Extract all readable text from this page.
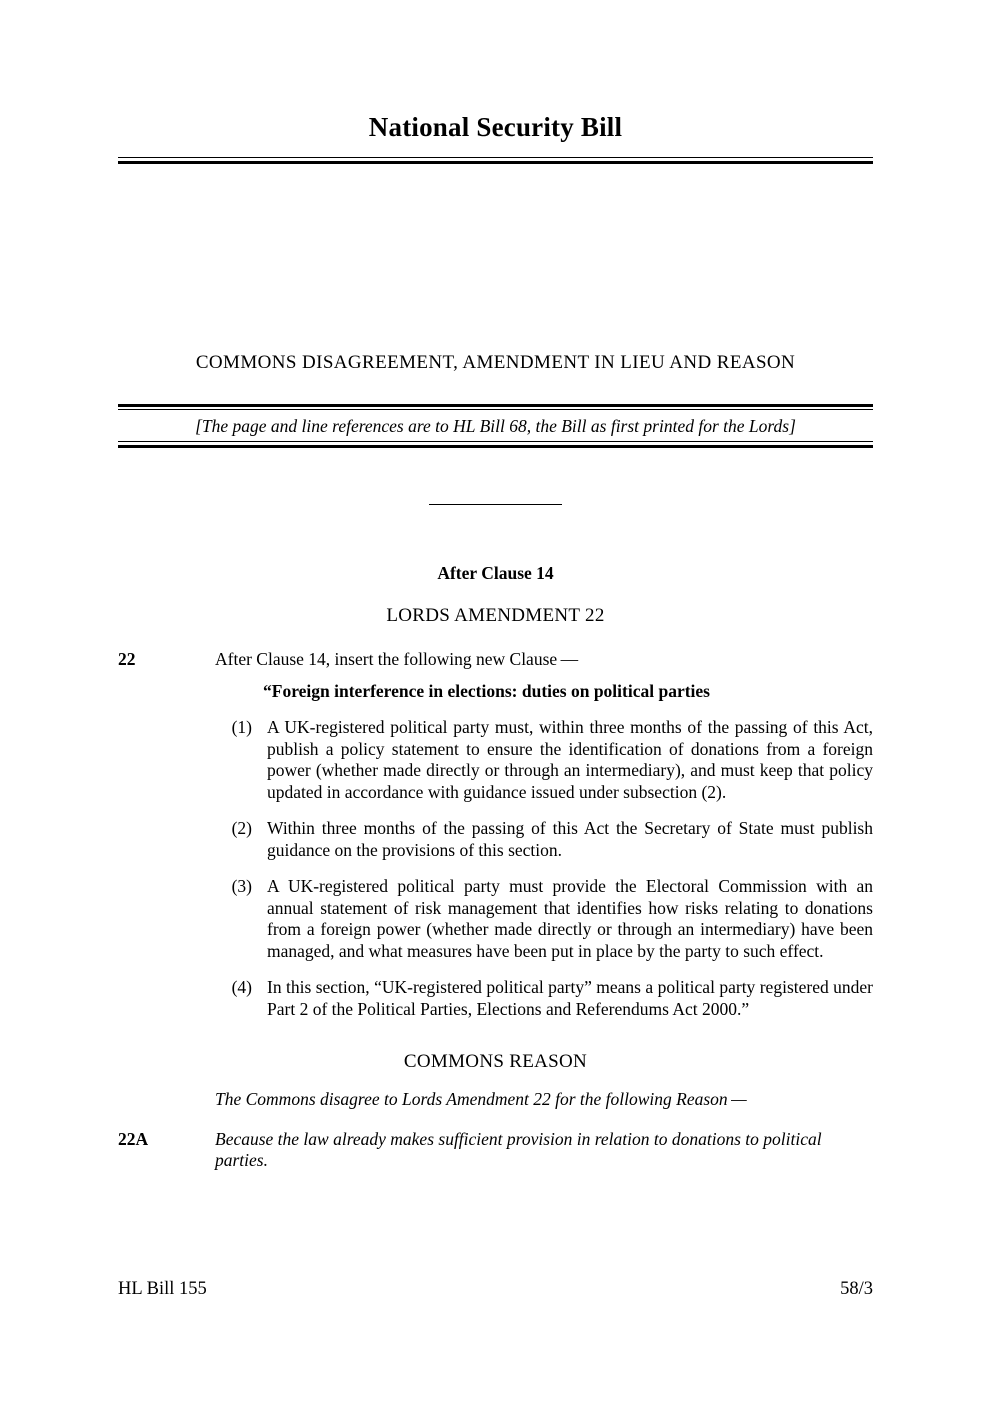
National Security Bill
COMMONS DISAGREEMENT, AMENDMENT IN LIEU AND REASON
[The page and line references are to HL Bill 68, the Bill as first printed for the Lords]
After Clause 14
LORDS AMENDMENT 22
22	After Clause 14, insert the following new Clause —
“Foreign interference in elections: duties on political parties
(1) A UK-registered political party must, within three months of the passing of this Act, publish a policy statement to ensure the identification of donations from a foreign power (whether made directly or through an intermediary), and must keep that policy updated in accordance with guidance issued under subsection (2).
(2) Within three months of the passing of this Act the Secretary of State must publish guidance on the provisions of this section.
(3) A UK-registered political party must provide the Electoral Commission with an annual statement of risk management that identifies how risks relating to donations from a foreign power (whether made directly or through an intermediary) have been managed, and what measures have been put in place by the party to such effect.
(4) In this section, “UK-registered political party” means a political party registered under Part 2 of the Political Parties, Elections and Referendums Act 2000.”
COMMONS REASON
The Commons disagree to Lords Amendment 22 for the following Reason —
22A	Because the law already makes sufficient provision in relation to donations to political parties.
HL Bill 155	58/3
